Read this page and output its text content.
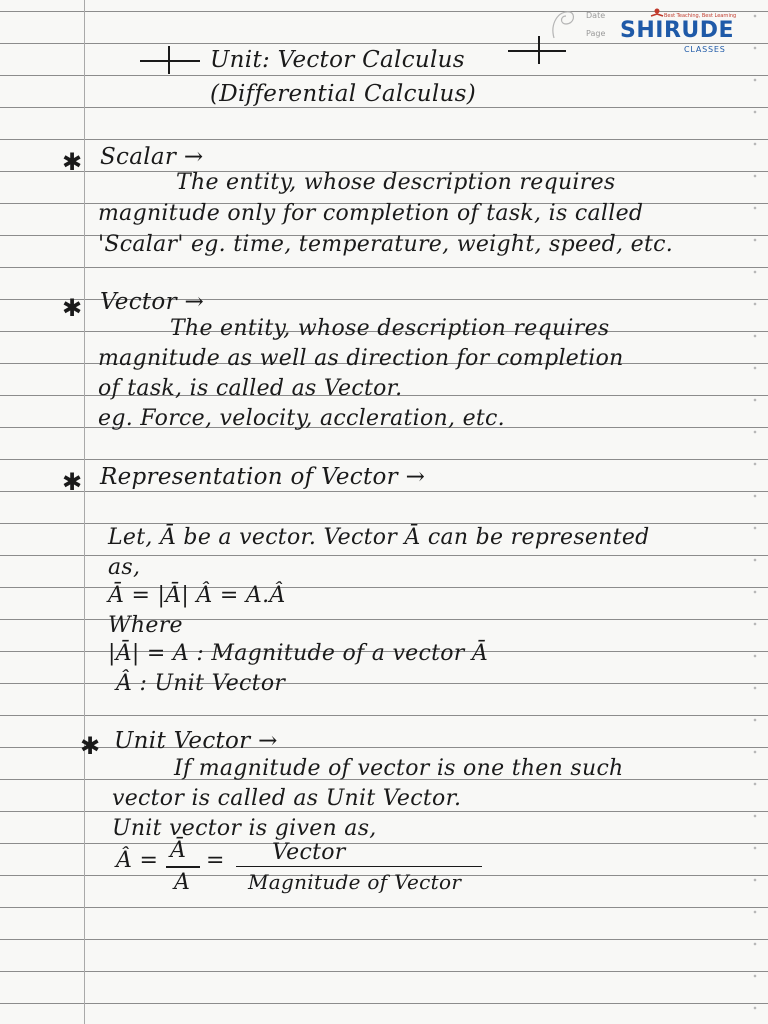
Date
Page
Best Teaching, Best Learning
SHIRUDE
CLASSES
Unit: Vector Calculus
(Differential Calculus)
✱ Scalar →
The entity, whose description requires
magnitude only for completion of task, is called
'Scalar' eg. time, temperature, weight, speed, etc.
✱ Vector →
The entity, whose description requires
magnitude as well as direction for completion
of task, is called as Vector.
eg. Force, velocity, accleration, etc.
✱ Representation of Vector →
Let, Ā be a vector. Vector Ā can be represented
as,
Ā = |Ā| Â = A.Â
Where
|Ā| = A : Magnitude of a vector Ā
Â : Unit Vector
✱ Unit Vector →
If magnitude of vector is one then such
vector is called as Unit Vector.
Unit vector is given as,
Â = Ā
A
= Vector
Magnitude of Vector
